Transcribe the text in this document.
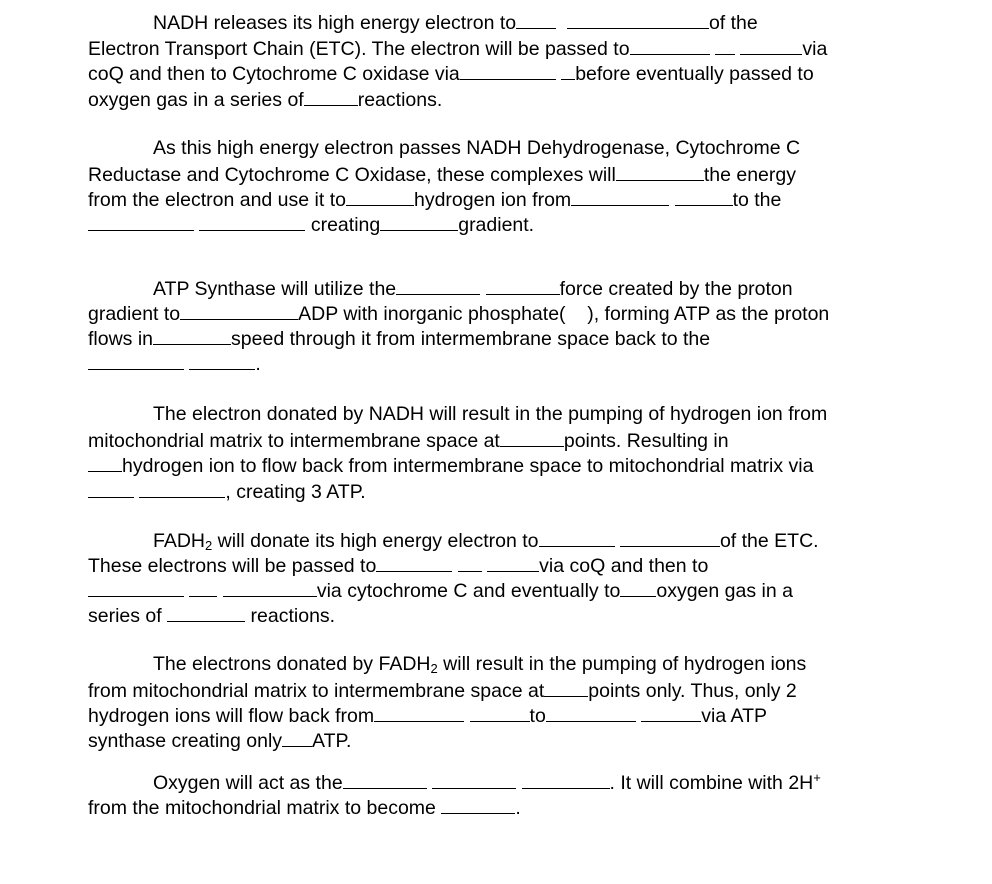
NADH releases its high energy electron to	of the
Electron Transport Chain (ETC). The electron will be passed to	via
coQ and then to Cytochrome C oxidase via	before eventually passed to
oxygen gas in a series of	reactions.
As this high energy electron passes NADH Dehydrogenase, Cytochrome C
Reductase and Cytochrome C Oxidase, these complexes will	the energy
from the electron and use it to	hydrogen ion from	to the
creating	gradient.
ATP Synthase will utilize the	force created by the proton
gradient to	ADP with inorganic phosphate(    ), forming ATP as the proton
flows in	speed through it from intermembrane space back to the
.
The electron donated by NADH will result in the pumping of hydrogen ion from
mitochondrial matrix to intermembrane space at	points. Resulting in
hydrogen ion to flow back from intermembrane space to mitochondrial matrix via
, creating 3 ATP.
$FADH_2$ will donate its high energy electron to	of the ETC.
These electrons will be passed to	via coQ and then to
via cytochrome C and eventually to oxygen gas in a
series of	reactions.
The electrons donated by $FADH_2$ will result in the pumping of hydrogen ions
from mitochondrial matrix to intermembrane space at points only. Thus, only 2
hydrogen ions will flow back from	to	via ATP
synthase creating only ATP.
Oxygen will act as the	. It will combine with 2H+
from the mitochondrial matrix to become	.
